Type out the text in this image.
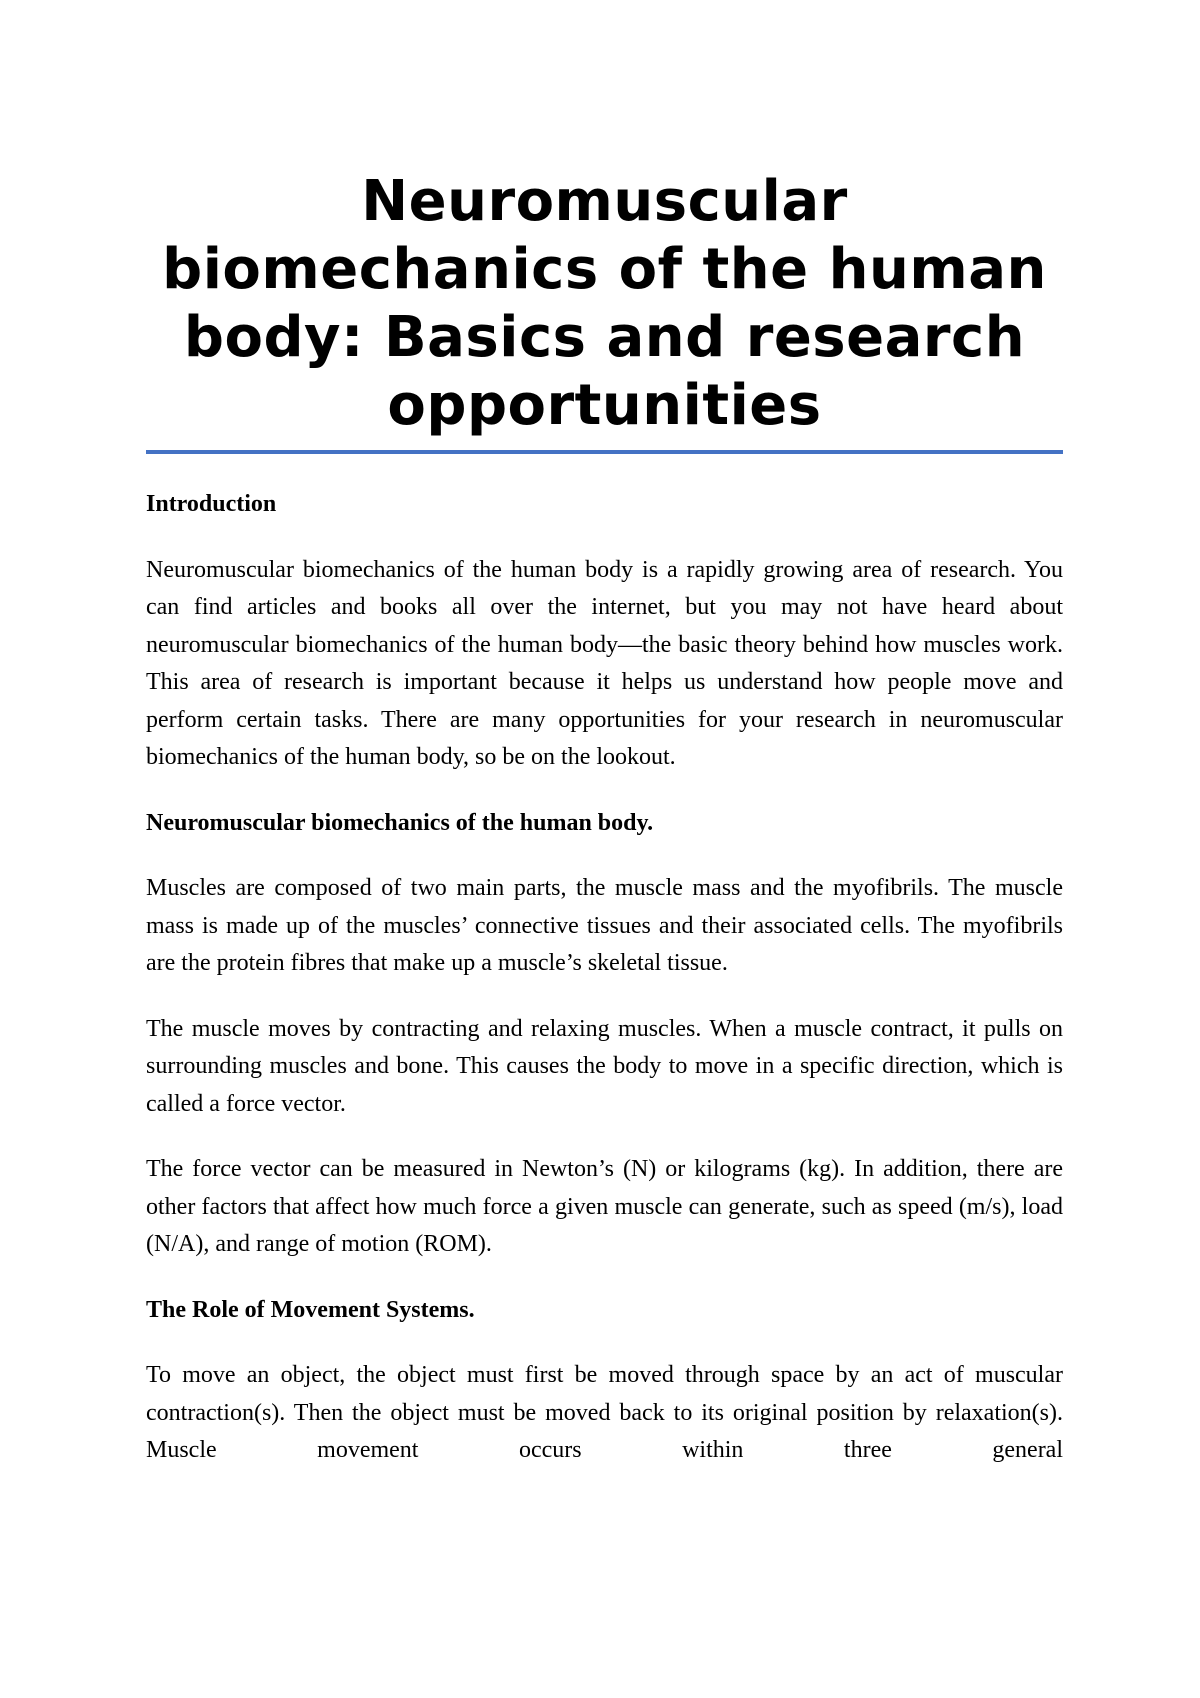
Neuromuscular biomechanics of the human body: Basics and research opportunities

Introduction

Neuromuscular biomechanics of the human body is a rapidly growing area of research. You can find articles and books all over the internet, but you may not have heard about neuromuscular biomechanics of the human body—the basic theory behind how muscles work. This area of research is important because it helps us understand how people move and perform certain tasks. There are many opportunities for your research in neuromuscular biomechanics of the human body, so be on the lookout.

Neuromuscular biomechanics of the human body.

Muscles are composed of two main parts, the muscle mass and the myofibrils. The muscle mass is made up of the muscles’ connective tissues and their associated cells. The myofibrils are the protein fibres that make up a muscle’s skeletal tissue.

The muscle moves by contracting and relaxing muscles. When a muscle contract, it pulls on surrounding muscles and bone. This causes the body to move in a specific direction, which is called a force vector.

The force vector can be measured in Newton’s (N) or kilograms (kg). In addition, there are other factors that affect how much force a given muscle can generate, such as speed (m/s), load (N/A), and range of motion (ROM).

The Role of Movement Systems.

To move an object, the object must first be moved through space by an act of muscular contraction(s). Then the object must be moved back to its original position by relaxation(s). Muscle movement occurs within three general
